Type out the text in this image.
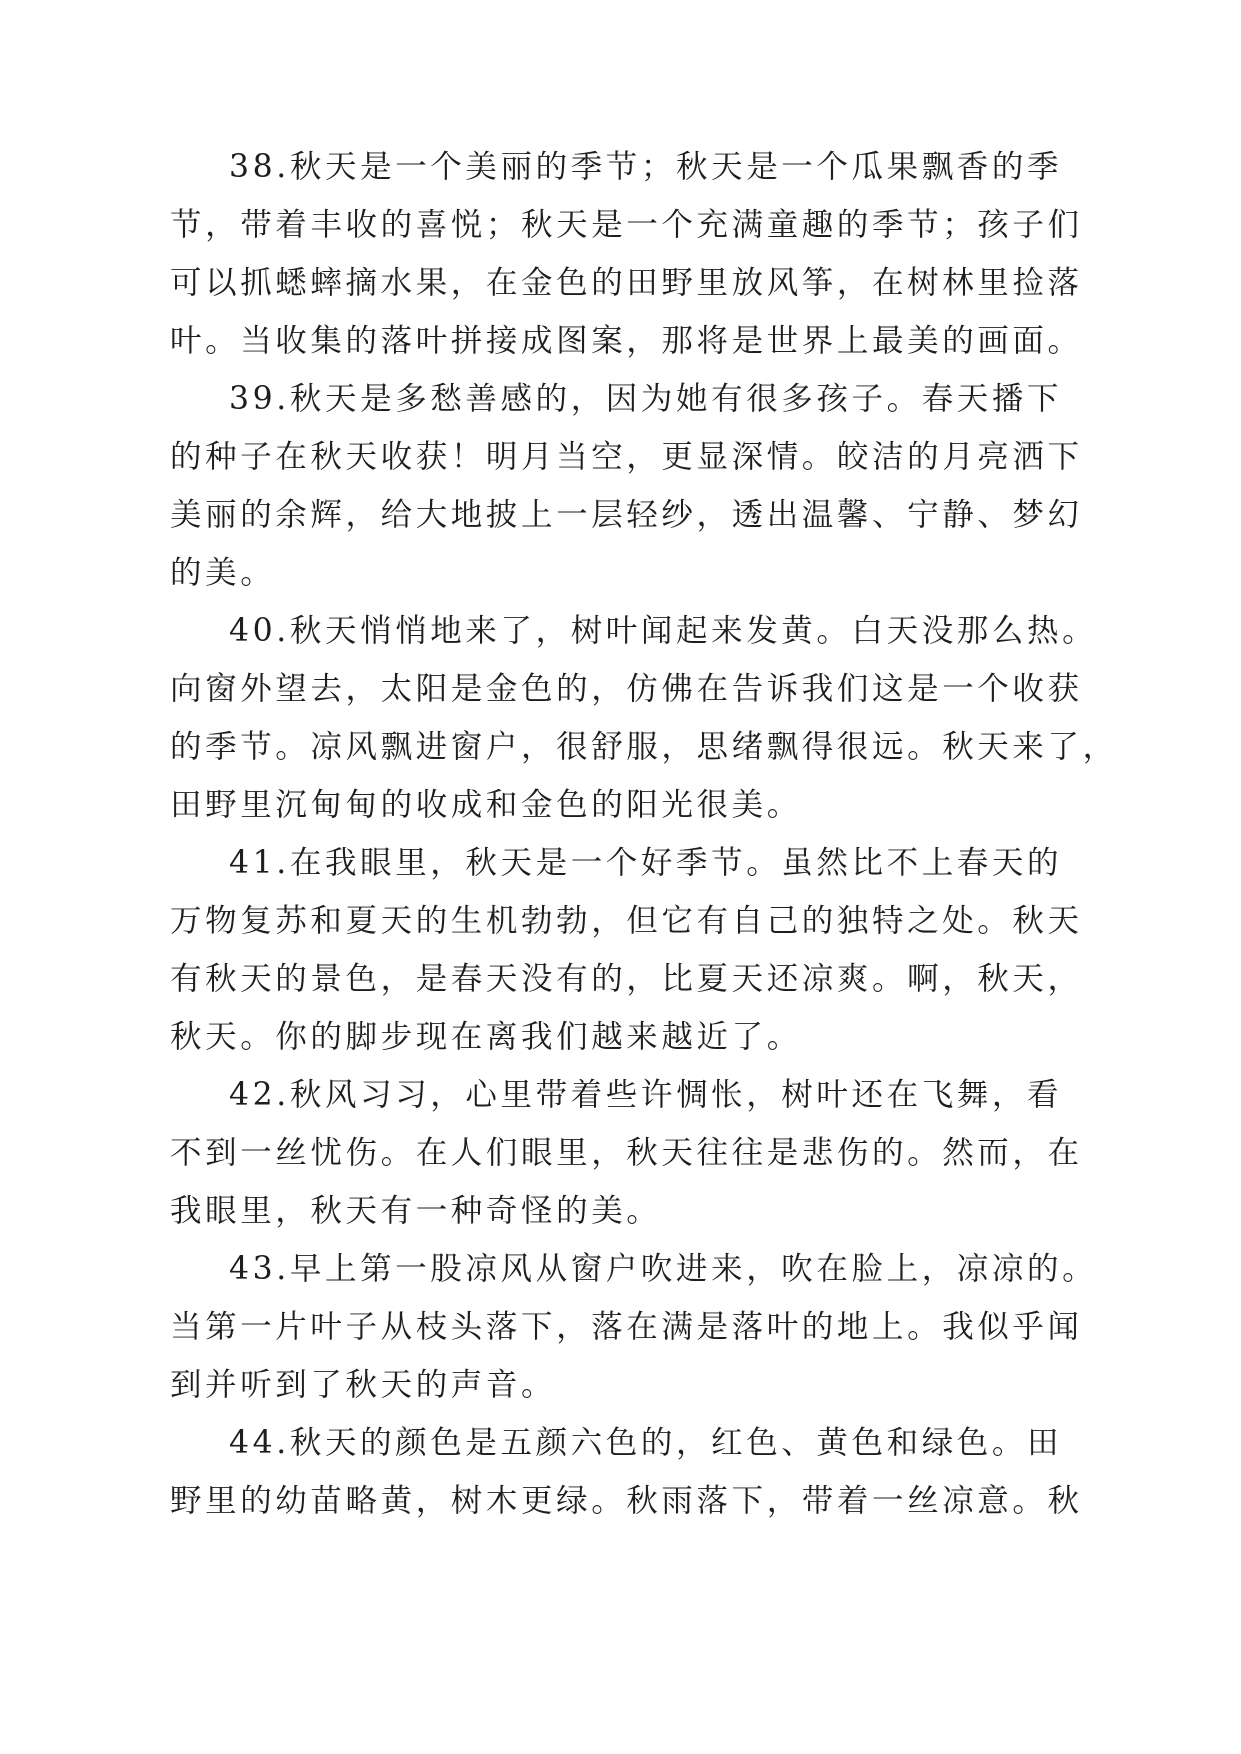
38.秋天是一个美丽的季节；秋天是一个瓜果飘香的季
节，带着丰收的喜悦；秋天是一个充满童趣的季节；孩子们
可以抓蟋蟀摘水果，在金色的田野里放风筝，在树林里捡落
叶。当收集的落叶拼接成图案，那将是世界上最美的画面。
39.秋天是多愁善感的，因为她有很多孩子。春天播下
的种子在秋天收获！明月当空，更显深情。皎洁的月亮洒下
美丽的余辉，给大地披上一层轻纱，透出温馨、宁静、梦幻
的美。
40.秋天悄悄地来了，树叶闻起来发黄。白天没那么热。
向窗外望去，太阳是金色的，仿佛在告诉我们这是一个收获
的季节。凉风飘进窗户，很舒服，思绪飘得很远。秋天来了，
田野里沉甸甸的收成和金色的阳光很美。
41.在我眼里，秋天是一个好季节。虽然比不上春天的
万物复苏和夏天的生机勃勃，但它有自己的独特之处。秋天
有秋天的景色，是春天没有的，比夏天还凉爽。啊，秋天，
秋天。你的脚步现在离我们越来越近了。
42.秋风习习，心里带着些许惆怅，树叶还在飞舞，看
不到一丝忧伤。在人们眼里，秋天往往是悲伤的。然而，在
我眼里，秋天有一种奇怪的美。
43.早上第一股凉风从窗户吹进来，吹在脸上，凉凉的。
当第一片叶子从枝头落下，落在满是落叶的地上。我似乎闻
到并听到了秋天的声音。
44.秋天的颜色是五颜六色的，红色、黄色和绿色。田
野里的幼苗略黄，树木更绿。秋雨落下，带着一丝凉意。秋
